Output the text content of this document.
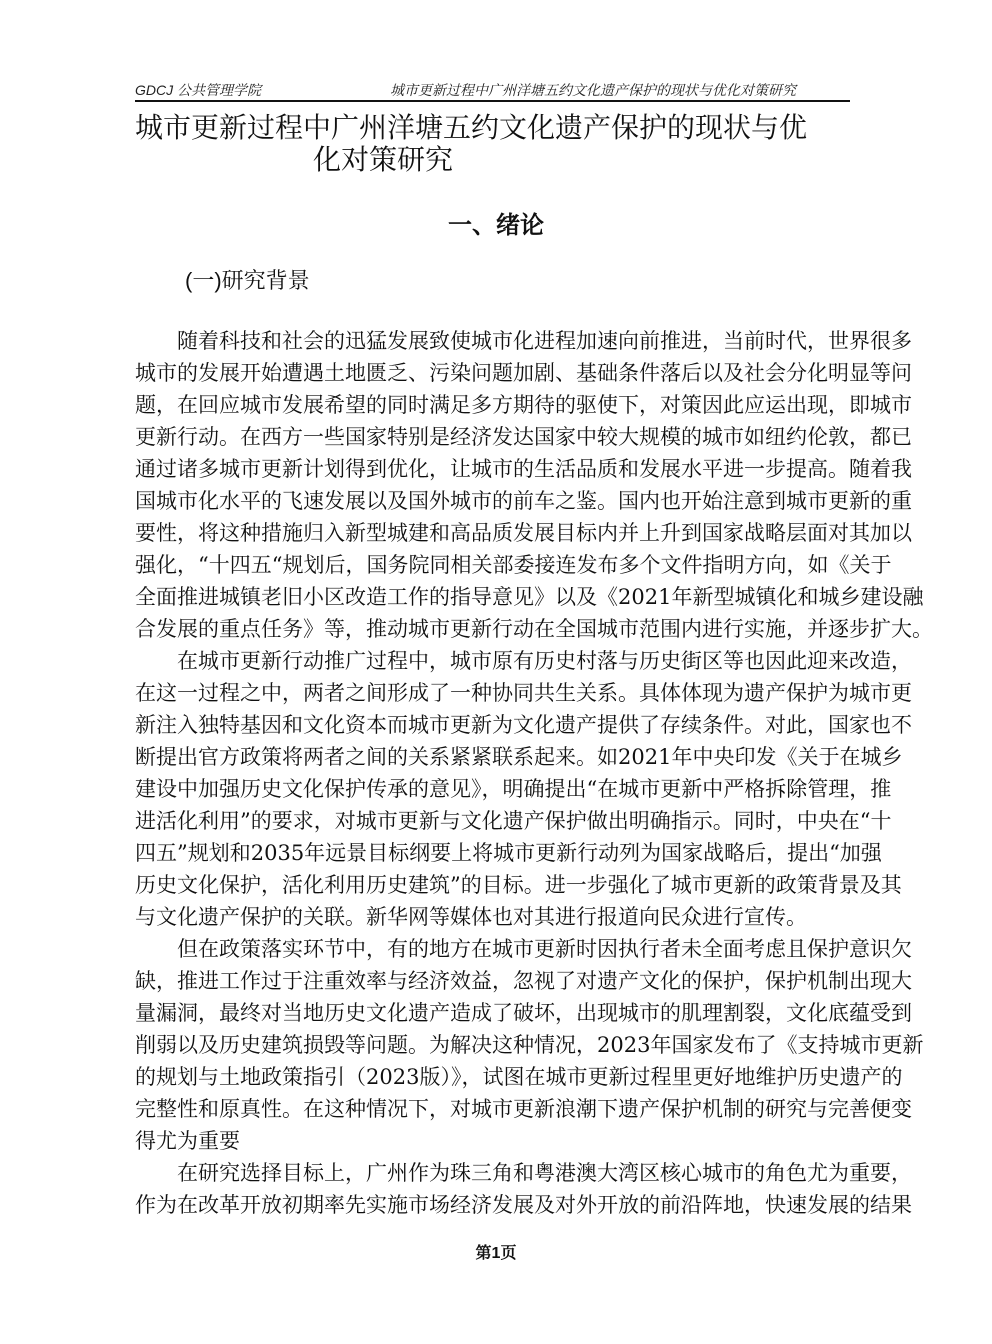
GDCJ 公共管理学院	城市更新过程中广州洋塘五约文化遗产保护的现状与优化对策研究
城市更新过程中广州洋塘五约文化遗产保护的现状与优
化对策研究
一、绪论
(一)研究背景
随着科技和社会的迅猛发展致使城市化进程加速向前推进，当前时代，世界很多
城市的发展开始遭遇土地匮乏、污染问题加剧、基础条件落后以及社会分化明显等问
题，在回应城市发展希望的同时满足多方期待的驱使下，对策因此应运出现，即城市
更新行动。在西方一些国家特别是经济发达国家中较大规模的城市如纽约伦敦，都已
通过诸多城市更新计划得到优化，让城市的生活品质和发展水平进一步提高。随着我
国城市化水平的飞速发展以及国外城市的前车之鉴。国内也开始注意到城市更新的重
要性，将这种措施归入新型城建和高品质发展目标内并上升到国家战略层面对其加以
强化，“十四五“规划后，国务院同相关部委接连发布多个文件指明方向，如《关于
全面推进城镇老旧小区改造工作的指导意见》以及《2021年新型城镇化和城乡建设融
合发展的重点任务》等，推动城市更新行动在全国城市范围内进行实施，并逐步扩大。
在城市更新行动推广过程中，城市原有历史村落与历史街区等也因此迎来改造，
在这一过程之中，两者之间形成了一种协同共生关系。具体体现为遗产保护为城市更
新注入独特基因和文化资本而城市更新为文化遗产提供了存续条件。对此，国家也不
断提出官方政策将两者之间的关系紧紧联系起来。如2021年中央印发《关于在城乡
建设中加强历史文化保护传承的意见》，明确提出“在城市更新中严格拆除管理，推
进活化利用”的要求，对城市更新与文化遗产保护做出明确指示。同时，中央在“十
四五”规划和2035年远景目标纲要上将城市更新行动列为国家战略后，提出“加强
历史文化保护，活化利用历史建筑”的目标。进一步强化了城市更新的政策背景及其
与文化遗产保护的关联。新华网等媒体也对其进行报道向民众进行宣传。
但在政策落实环节中，有的地方在城市更新时因执行者未全面考虑且保护意识欠
缺，推进工作过于注重效率与经济效益，忽视了对遗产文化的保护，保护机制出现大
量漏洞，最终对当地历史文化遗产造成了破坏，出现城市的肌理割裂，文化底蕴受到
削弱以及历史建筑损毁等问题。为解决这种情况，2023年国家发布了《支持城市更新
的规划与土地政策指引（2023版）》，试图在城市更新过程里更好地维护历史遗产的
完整性和原真性。在这种情况下，对城市更新浪潮下遗产保护机制的研究与完善便变
得尤为重要
在研究选择目标上，广州作为珠三角和粤港澳大湾区核心城市的角色尤为重要，
作为在改革开放初期率先实施市场经济发展及对外开放的前沿阵地，快速发展的结果
第1页
